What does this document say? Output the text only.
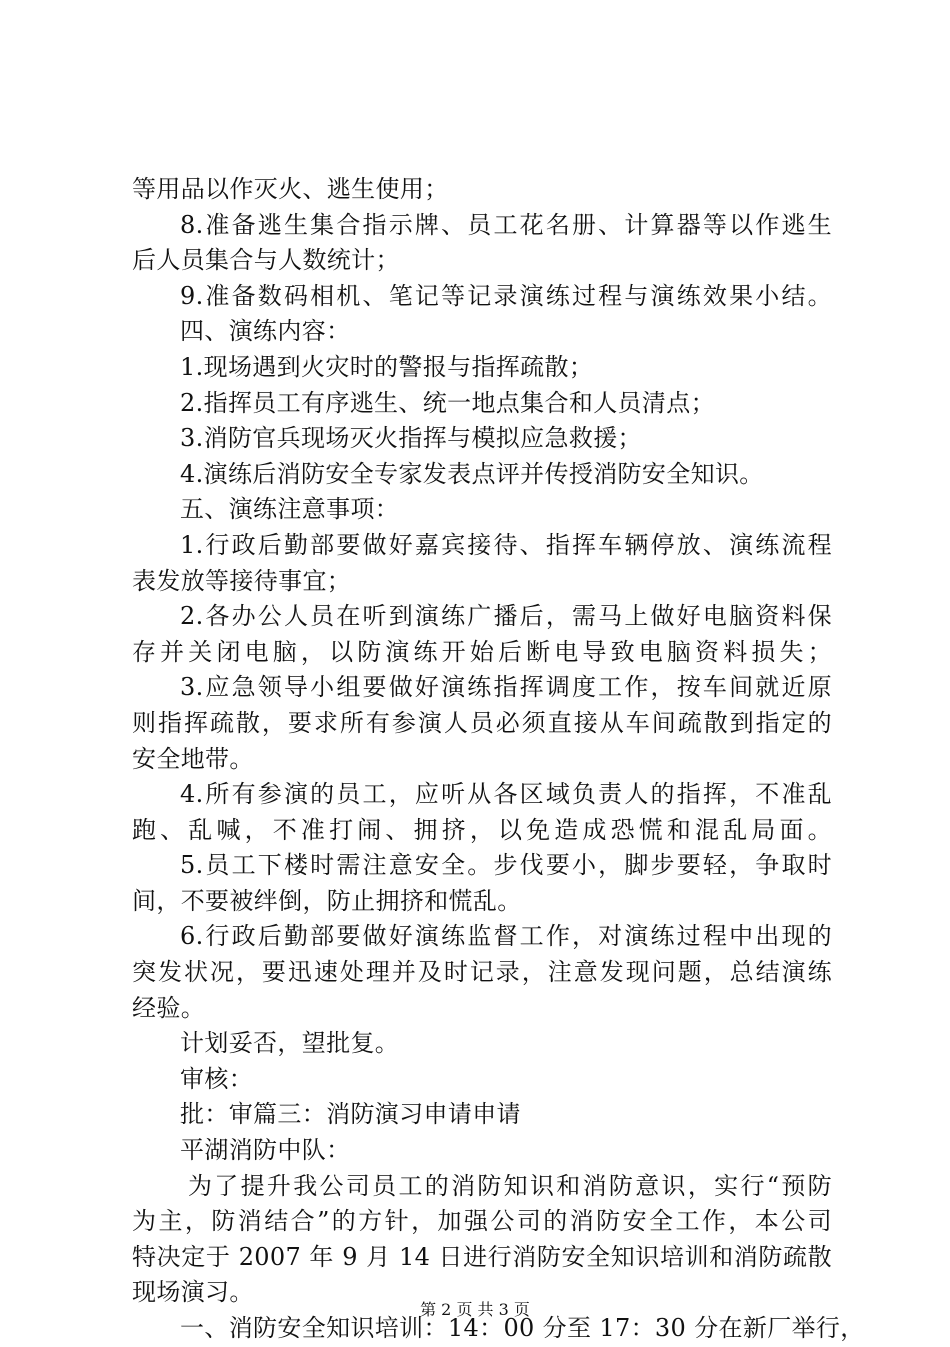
等用品以作灭火、逃生使用；
8.准备逃生集合指示牌、员工花名册、计算器等以作逃生
后人员集合与人数统计；
9.准备数码相机、笔记等记录演练过程与演练效果小结。
四、演练内容：
1.现场遇到火灾时的警报与指挥疏散；
2.指挥员工有序逃生、统一地点集合和人员清点；
3.消防官兵现场灭火指挥与模拟应急救援；
4.演练后消防安全专家发表点评并传授消防安全知识。
五、演练注意事项：
1.行政后勤部要做好嘉宾接待、指挥车辆停放、演练流程
表发放等接待事宜；
2.各办公人员在听到演练广播后，需马上做好电脑资料保
存并关闭电脑，以防演练开始后断电导致电脑资料损失；
3.应急领导小组要做好演练指挥调度工作，按车间就近原
则指挥疏散，要求所有参演人员必须直接从车间疏散到指定的
安全地带。
4.所有参演的员工，应听从各区域负责人的指挥，不准乱
跑、乱喊，不准打闹、拥挤，以免造成恐慌和混乱局面。
5.员工下楼时需注意安全。步伐要小，脚步要轻，争取时
间，不要被绊倒，防止拥挤和慌乱。
6.行政后勤部要做好演练监督工作，对演练过程中出现的
突发状况，要迅速处理并及时记录，注意发现问题，总结演练
经验。
计划妥否，望批复。
审核：
批：审篇三：消防演习申请申请
平湖消防中队：
为了提升我公司员工的消防知识和消防意识，实行“预防
为主，防消结合”的方针，加强公司的消防安全工作，本公司
特决定于 2007 年 9 月 14 日进行消防安全知识培训和消防疏散
现场演习。
一、消防安全知识培训：14：00 分至 17：30 分在新厂举行，
第 2 页 共 3 页
